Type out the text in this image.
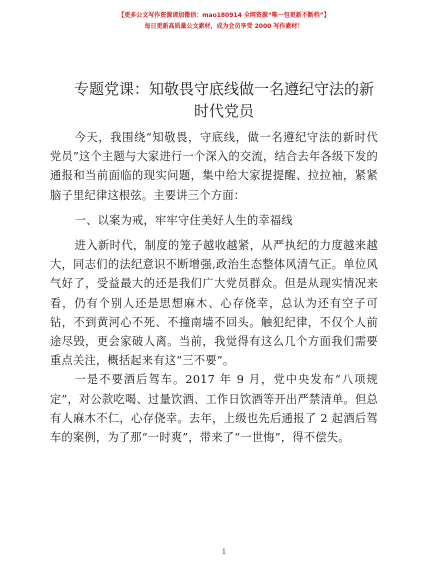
【更多公文写作资源请加微信：mao180914 全网资源“唯一包更新不断档”】
每日更新高质量公文素材，成为会员享受 2000 写作素材！
专题党课：知敬畏守底线做一名遵纪守法的新
时代党员

今天，我围绕“知敬畏，守底线，做一名遵纪守法的新时代党员”这个主题与大家进行一个深入的交流，结合去年各级下发的通报和当前面临的现实问题，集中给大家提提醒、拉拉袖，紧紧脑子里纪律这根弦。主要讲三个方面：

一、以案为戒，牢牢守住美好人生的幸福线

进入新时代，制度的笼子越收越紧，从严执纪的力度越来越大，同志们的法纪意识不断增强,政治生态整体风清气正。单位风气好了，受益最大的还是我们广大党员群众。但是从现实情况来看，仍有个别人还是思想麻木、心存侥幸，总认为还有空子可钻，不到黄河心不死、不撞南墙不回头。触犯纪律，不仅个人前途尽毁，更会家破人离。当前，我觉得有这么几个方面我们需要重点关注，概括起来有这“三不要”。

一是不要酒后驾车。2017 年 9 月，党中央发布“八项规定”，对公款吃喝、过量饮酒、工作日饮酒等开出严禁清单。但总有人麻木不仁，心存侥幸。去年，上级也先后通报了 2 起酒后驾车的案例，为了那“一时爽”，带来了“一世悔”，得不偿失。

1
